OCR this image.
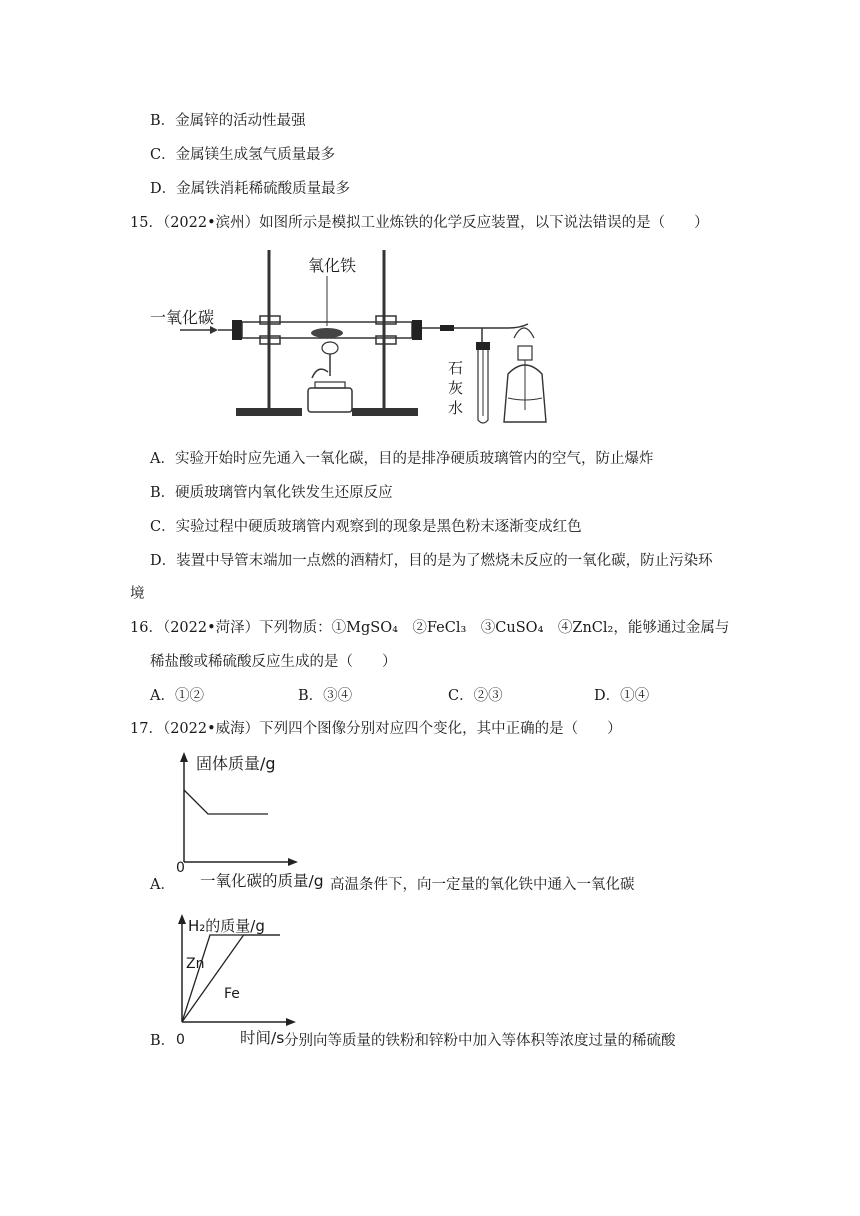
B．金属锌的活动性最强
C．金属镁生成氢气质量最多
D．金属铁消耗稀硫酸质量最多
15．（2022•滨州）如图所示是模拟工业炼铁的化学反应装置，以下说法错误的是（　　）
一氧化碳
氧化铁
石
灰
水
A．实验开始时应先通入一氧化碳，目的是排净硬质玻璃管内的空气，防止爆炸
B．硬质玻璃管内氧化铁发生还原反应
C．实验过程中硬质玻璃管内观察到的现象是黑色粉末逐渐变成红色
D．装置中导管末端加一点燃的酒精灯，目的是为了燃烧未反应的一氧化碳，防止污染环
境
16．（2022•菏泽）下列物质：①MgSO₄　②FeCl₃　③CuSO₄　④ZnCl₂，能够通过金属与
稀盐酸或稀硫酸反应生成的是（　　）
A．①②	B．③④	C．②③	D．①④
17．（2022•威海）下列四个图像分别对应四个变化，其中正确的是（　　）
固体质量/g
0
A． 一氧化碳的质量/g 高温条件下，向一定量的氧化铁中通入一氧化碳
H₂的质量/g
Zn
Fe
B． 0	时间/s 分别向等质量的铁粉和锌粉中加入等体积等浓度过量的稀硫酸
